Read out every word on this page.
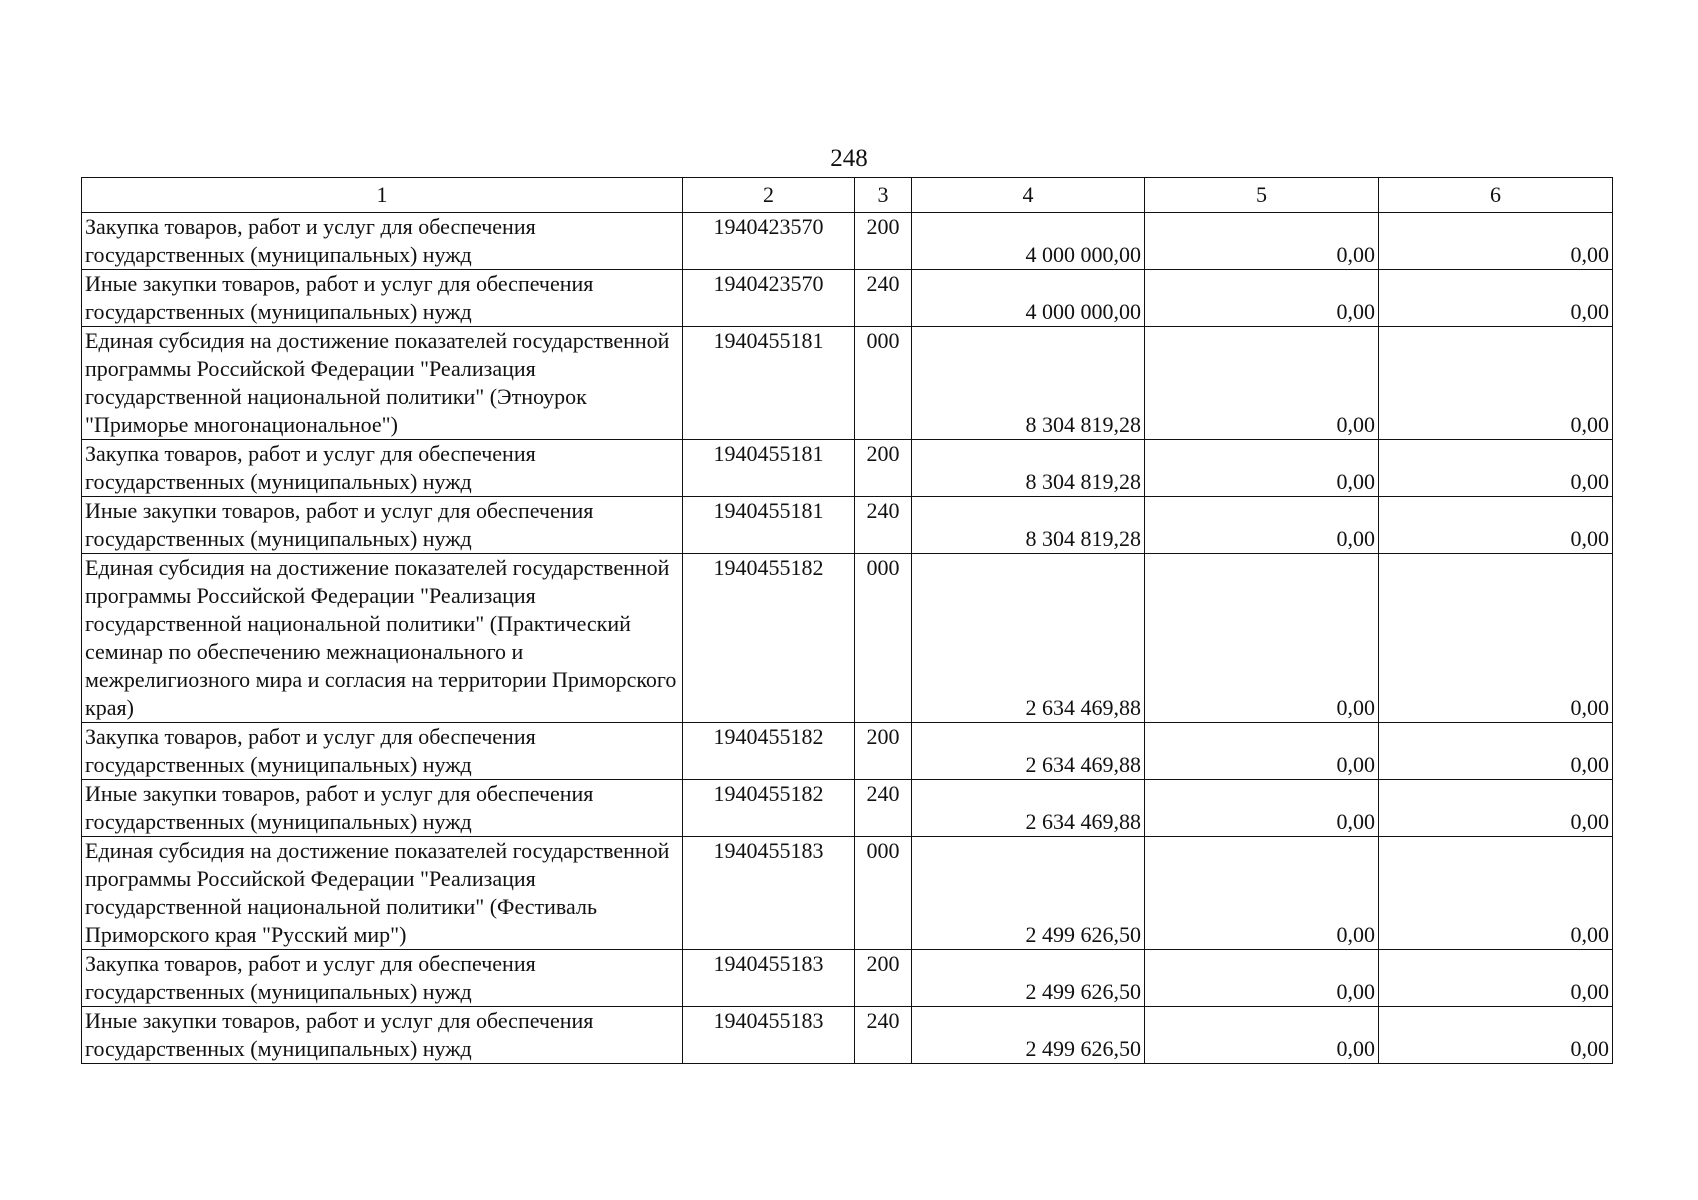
248
1	2	3	4	5	6
Закупка товаров, работ и услуг для обеспечения государственных (муниципальных) нужд	1940423570	200	4 000 000,00	0,00	0,00
Иные закупки товаров, работ и услуг для обеспечения государственных (муниципальных) нужд	1940423570	240	4 000 000,00	0,00	0,00
Единая субсидия на достижение показателей государственной программы Российской Федерации "Реализация государственной национальной политики" (Этноурок "Приморье многонациональное")	1940455181	000	8 304 819,28	0,00	0,00
Закупка товаров, работ и услуг для обеспечения государственных (муниципальных) нужд	1940455181	200	8 304 819,28	0,00	0,00
Иные закупки товаров, работ и услуг для обеспечения государственных (муниципальных) нужд	1940455181	240	8 304 819,28	0,00	0,00
Единая субсидия на достижение показателей государственной программы Российской Федерации "Реализация государственной национальной политики" (Практический семинар по обеспечению межнационального и межрелигиозного мира и согласия на территории Приморского края)	1940455182	000	2 634 469,88	0,00	0,00
Закупка товаров, работ и услуг для обеспечения государственных (муниципальных) нужд	1940455182	200	2 634 469,88	0,00	0,00
Иные закупки товаров, работ и услуг для обеспечения государственных (муниципальных) нужд	1940455182	240	2 634 469,88	0,00	0,00
Единая субсидия на достижение показателей государственной программы Российской Федерации "Реализация государственной национальной политики" (Фестиваль Приморского края "Русский мир")	1940455183	000	2 499 626,50	0,00	0,00
Закупка товаров, работ и услуг для обеспечения государственных (муниципальных) нужд	1940455183	200	2 499 626,50	0,00	0,00
Иные закупки товаров, работ и услуг для обеспечения государственных (муниципальных) нужд	1940455183	240	2 499 626,50	0,00	0,00
